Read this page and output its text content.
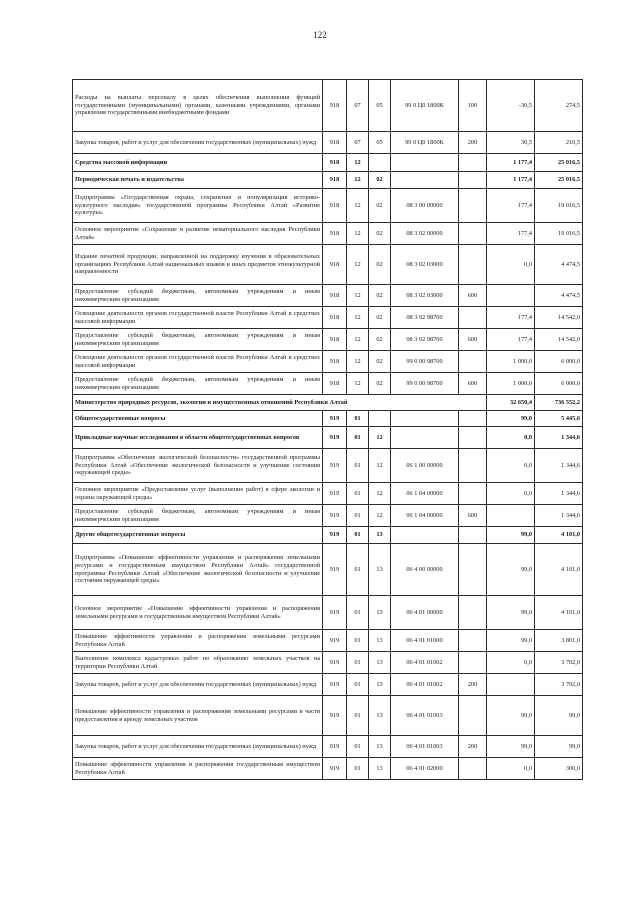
122
Расходы на выплаты персоналу в целях обеспечения выполнения функций государственными (муниципальными) органами, казенными учреждениями, органами управления государственными внебюджетными фондами	918	07	05	99 0 Ц0 1800К	100	-30,5	274,5
Закупка товаров, работ и услуг для обеспечения государственных (муниципальных) нужд	918	07	05	99 0 Ц0 1800К	200	30,5	210,5
Средства массовой информации	918	12				1 177,4	25 016,5
Периодическая печать и издательства	918	12	02			1 177,4	25 016,5
Подпрограмма «Государственная охрана, сохранение и популяризация историко-культурного наследия» государственной программы Республики Алтай «Развитие культуры»	918	12	02	08 3 00 00000		177,4	19 016,5
Основное мероприятие «Сохранение и развитие нематериального наследия Республики Алтай»	918	12	02	08 3 02 00000		177,4	19 016,5
Издание печатной продукции, направленной на поддержку изучения в образовательных организациях Республики Алтай национальных языков и иных предметов этнокультурной направленности	918	12	02	08 3 02 03000		0,0	4 474,5
Предоставление субсидий бюджетным, автономным учреждениям и иным некоммерческим организациям	918	12	02	08 3 02 03000	600		4 474,5
Освещение деятельности органов государственной власти Республики Алтай в средствах массовой информации	918	12	02	08 3 02 98700		177,4	14 542,0
Предоставление субсидий бюджетным, автономным учреждениям и иным некоммерческим организациям	918	12	02	08 3 02 98700	600	177,4	14 542,0
Освещение деятельности органов государственной власти Республики Алтай в средствах массовой информации	918	12	02	99 0 00 98700		1 000,0	6 000,0
Предоставление субсидий бюджетным, автономным учреждениям и иным некоммерческим организациям	918	12	02	99 0 00 98700	600	1 000,0	6 000,0
Министерство природных ресурсов, экологии и имущественных отношений Республики Алтай						32 650,4	736 552,2
Общегосударственные вопросы	919	01				99,0	5 445,6
Прикладные научные исследования в области общегосударственных вопросов	919	01	12			0,0	1 344,6
Подпрограмма «Обеспечение экологической безопасности» государственной программы Республики Алтай «Обеспечение экологической безопасности и улучшение состояния окружающей среды»	919	01	12	06 1 00 00000		0,0	1 344,6
Основное мероприятие «Предоставление услуг (выполнение работ) в сфере экологии и охраны окружающей среды»	919	01	12	06 1 04 00000		0,0	1 344,6
Предоставление субсидий бюджетным, автономным учреждениям и иным некоммерческим организациям	919	01	12	06 1 04 00000	600		1 344,6
Другие общегосударственные вопросы	919	01	13			99,0	4 101,0
Подпрограмма «Повышение эффективности управления и распоряжения земельными ресурсами и государственным имуществом Республики Алтай» государственной программы Республики Алтай «Обеспечение экологической безопасности и улучшение состояния окружающей среды»	919	01	13	06 4 00 00000		99,0	4 101,0
Основное мероприятие «Повышение эффективности управления и распоряжения земельными ресурсами и государственным имуществом Республики Алтай»	919	01	13	06 4 01 00000		99,0	4 101,0
Повышение эффективности управления и распоряжения земельными ресурсами Республики Алтай	919	01	13	06 4 01 01000		99,0	3 801,0
Выполнение комплекса кадастровых работ по образованию земельных участков на территории Республики Алтай	919	01	13	06 4 01 01002		0,0	3 702,0
Закупка товаров, работ и услуг для обеспечения государственных (муниципальных) нужд	919	01	13	06 4 01 01002	200		3 702,0
Повышение эффективности управления и распоряжения земельными ресурсами в части предоставления в аренду земельных участков	919	01	13	06 4 01 01003		99,0	99,0
Закупка товаров, работ и услуг для обеспечения государственных (муниципальных) нужд	919	01	13	06 4 01 01003	200	99,0	99,0
Повышение эффективности управления и распоряжения государственным имуществом Республики Алтай	919	01	13	06 4 01 02000		0,0	300,0
